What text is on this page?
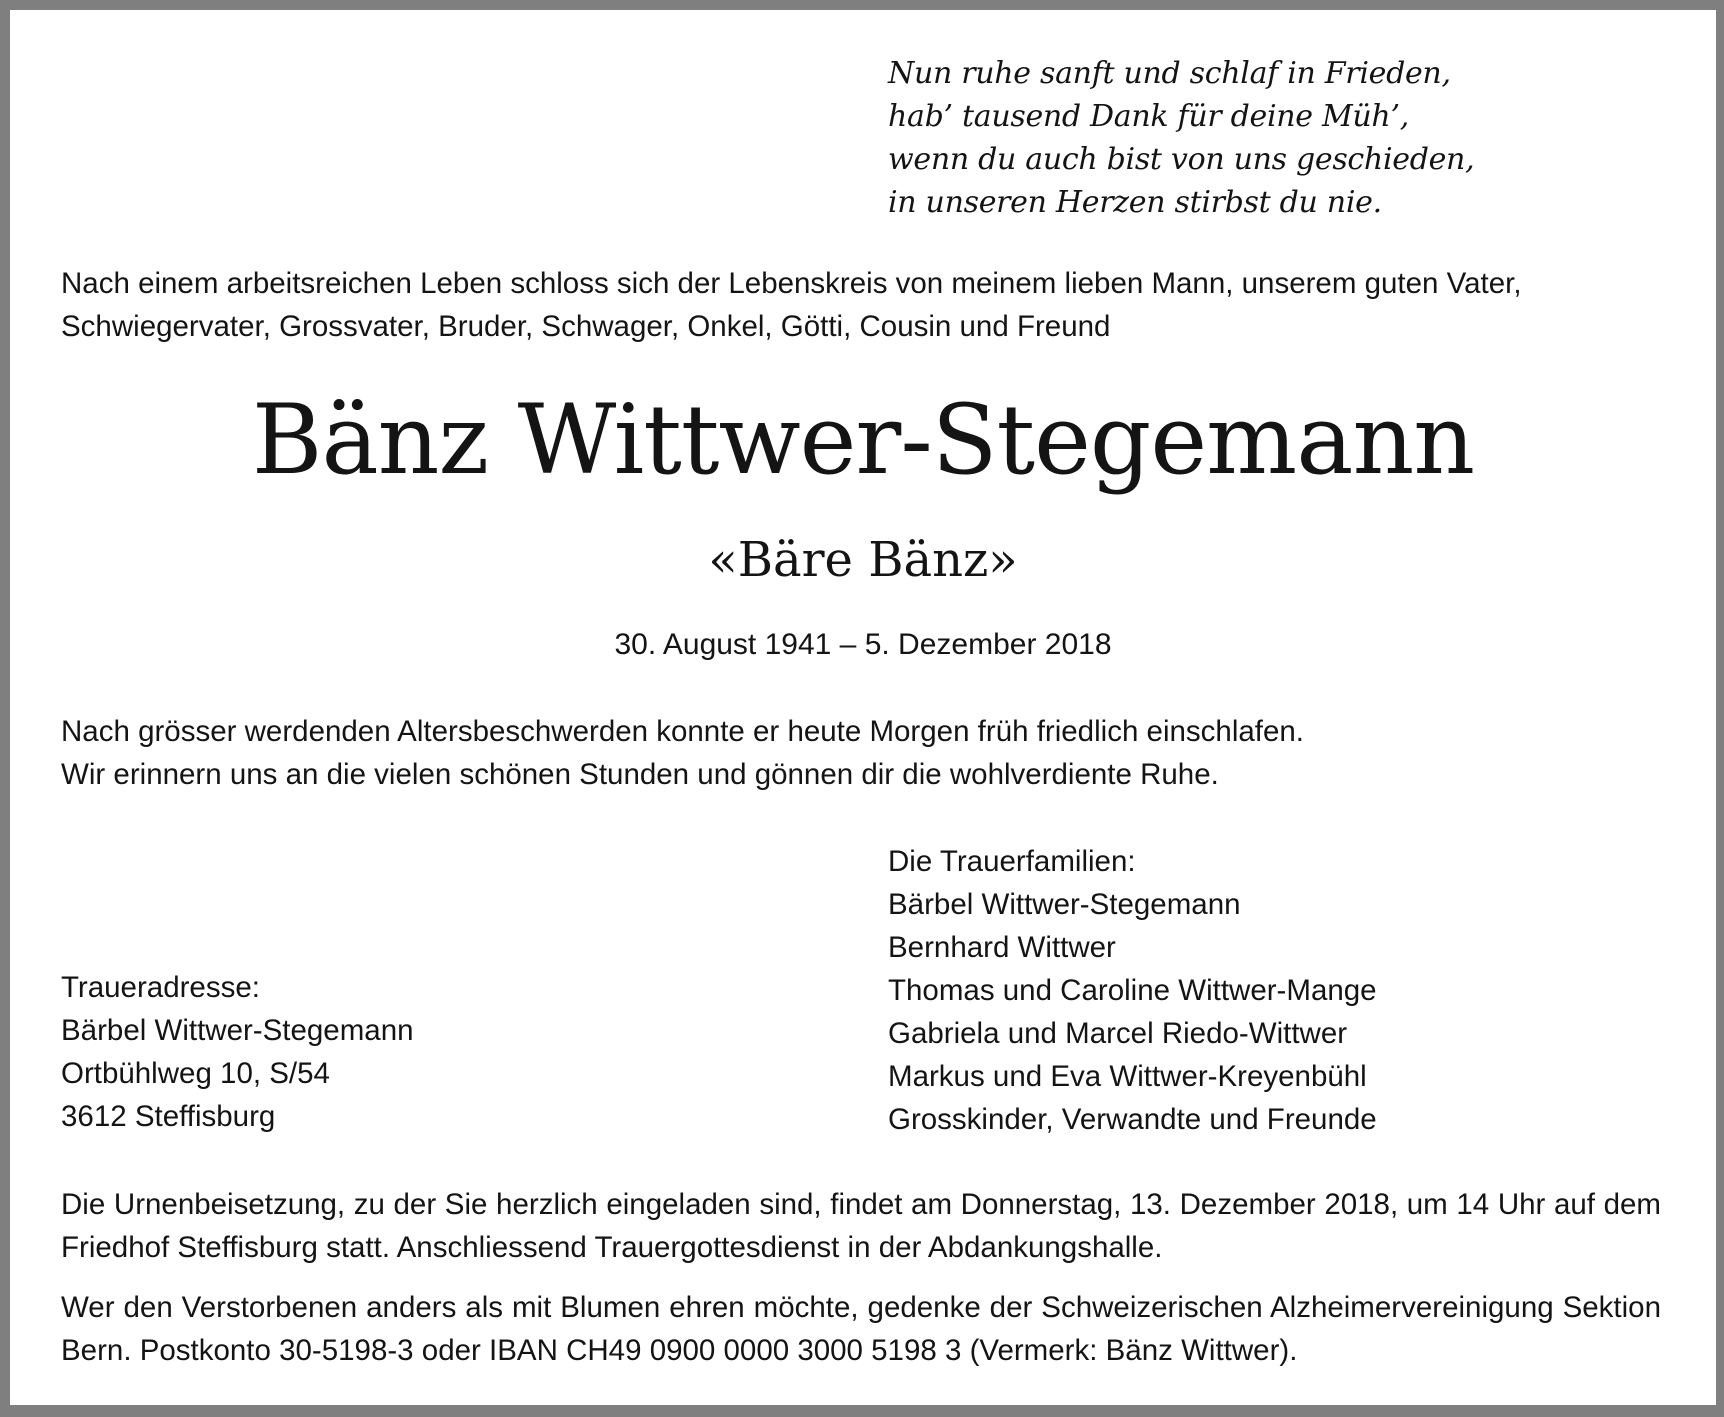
Nun ruhe sanft und schlaf in Frieden,
hab’ tausend Dank für deine Müh’,
wenn du auch bist von uns geschieden,
in unseren Herzen stirbst du nie.
Nach einem arbeitsreichen Leben schloss sich der Lebenskreis von meinem lieben Mann, unserem guten Vater,
Schwiegervater, Grossvater, Bruder, Schwager, Onkel, Götti, Cousin und Freund
Bänz Wittwer-Stegemann
«Bäre Bänz»
30. August 1941 – 5. Dezember 2018
Nach grösser werdenden Altersbeschwerden konnte er heute Morgen früh friedlich einschlafen.
Wir erinnern uns an die vielen schönen Stunden und gönnen dir die wohlverdiente Ruhe.
Die Trauerfamilien:
Bärbel Wittwer-Stegemann
Bernhard Wittwer
Thomas und Caroline Wittwer-Mange
Gabriela und Marcel Riedo-Wittwer
Markus und Eva Wittwer-Kreyenbühl
Grosskinder, Verwandte und Freunde
Traueradresse:
Bärbel Wittwer-Stegemann
Ortbühlweg 10, S/54
3612 Steffisburg

Die Urnenbeisetzung, zu der Sie herzlich eingeladen sind, findet am Donnerstag, 13. Dezember 2018, um 14 Uhr auf dem Friedhof Steffisburg statt. Anschliessend Trauergottesdienst in der Abdankungshalle.

Wer den Verstorbenen anders als mit Blumen ehren möchte, gedenke der Schweizerischen Alzheimervereinigung Sektion Bern. Postkonto 30-5198-3 oder IBAN CH49 0900 0000 3000 5198 3 (Vermerk: Bänz Wittwer).
